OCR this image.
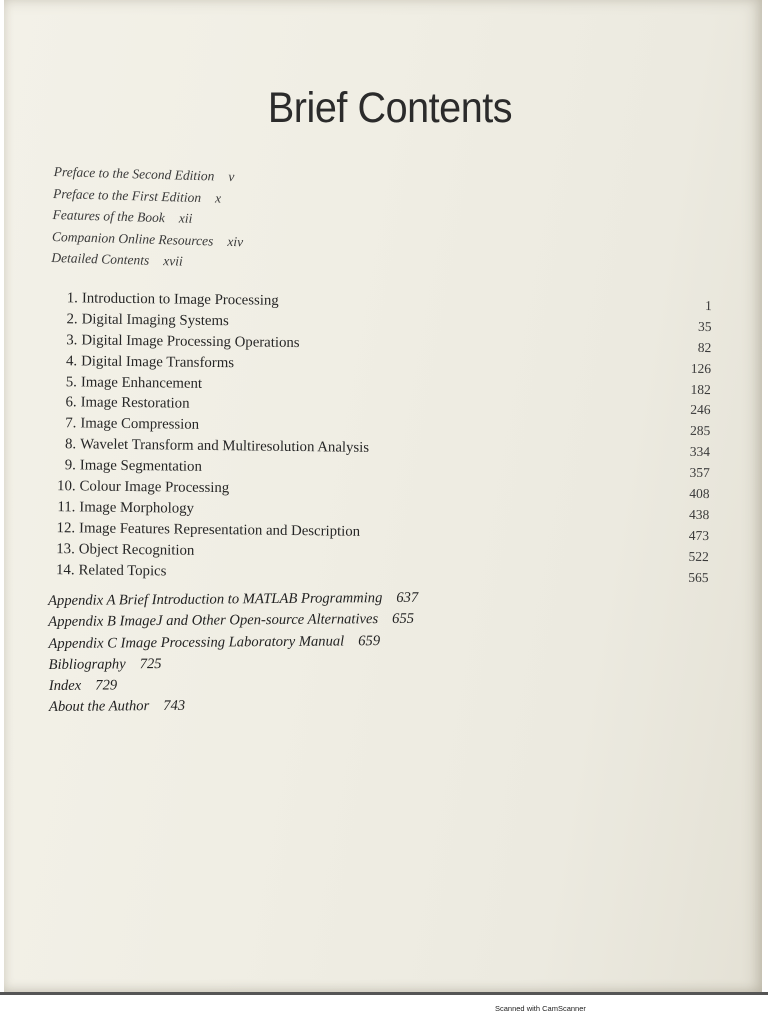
Brief Contents
Preface to the Second Edition v
Preface to the First Edition x
Features of the Book xii
Companion Online Resources xiv
Detailed Contents xvii
1. Introduction to Image Processing	1
2. Digital Imaging Systems	35
3. Digital Image Processing Operations	82
4. Digital Image Transforms	126
5. Image Enhancement	182
6. Image Restoration	246
7. Image Compression	285
8. Wavelet Transform and Multiresolution Analysis	334
9. Image Segmentation	357
10. Colour Image Processing	408
11. Image Morphology	438
12. Image Features Representation and Description	473
13. Object Recognition	522
14. Related Topics	565
Appendix A Brief Introduction to MATLAB Programming 637
Appendix B ImageJ and Other Open-source Alternatives 655
Appendix C Image Processing Laboratory Manual 659
Bibliography 725
Index 729
About the Author 743
Scanned with CamScanner
